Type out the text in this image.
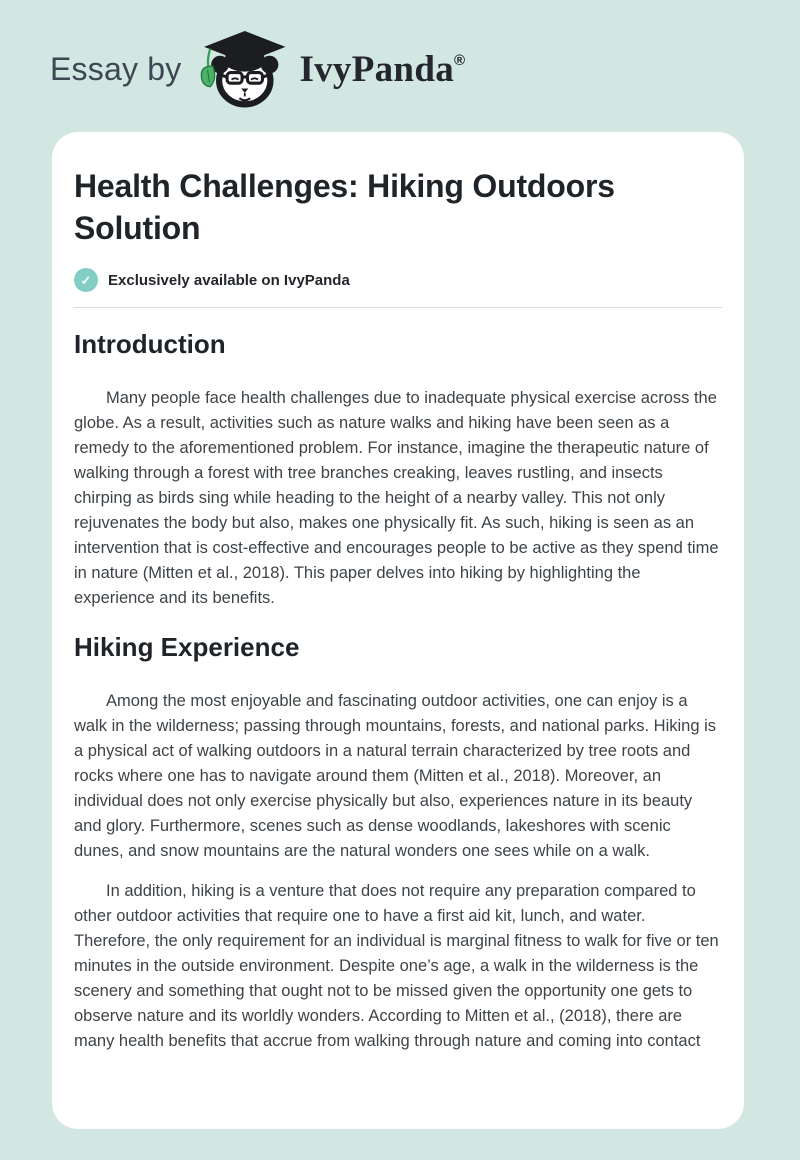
Essay by	IvyPanda®
Health Challenges: Hiking Outdoors Solution
✓	Exclusively available on IvyPanda
Introduction

Many people face health challenges due to inadequate physical exercise across the globe. As a result, activities such as nature walks and hiking have been seen as a remedy to the aforementioned problem. For instance, imagine the therapeutic nature of walking through a forest with tree branches creaking, leaves rustling, and insects chirping as birds sing while heading to the height of a nearby valley. This not only rejuvenates the body but also, makes one physically fit. As such, hiking is seen as an intervention that is cost-effective and encourages people to be active as they spend time in nature (Mitten et al., 2018). This paper delves into hiking by highlighting the experience and its benefits.

Hiking Experience

Among the most enjoyable and fascinating outdoor activities, one can enjoy is a walk in the wilderness; passing through mountains, forests, and national parks. Hiking is a physical act of walking outdoors in a natural terrain characterized by tree roots and rocks where one has to navigate around them (Mitten et al., 2018). Moreover, an individual does not only exercise physically but also, experiences nature in its beauty and glory. Furthermore, scenes such as dense woodlands, lakeshores with scenic dunes, and snow mountains are the natural wonders one sees while on a walk.

In addition, hiking is a venture that does not require any preparation compared to other outdoor activities that require one to have a first aid kit, lunch, and water. Therefore, the only requirement for an individual is marginal fitness to walk for five or ten minutes in the outside environment. Despite one’s age, a walk in the wilderness is the scenery and something that ought not to be missed given the opportunity one gets to observe nature and its worldly wonders. According to Mitten et al., (2018), there are many health benefits that accrue from walking through nature and coming into contact
